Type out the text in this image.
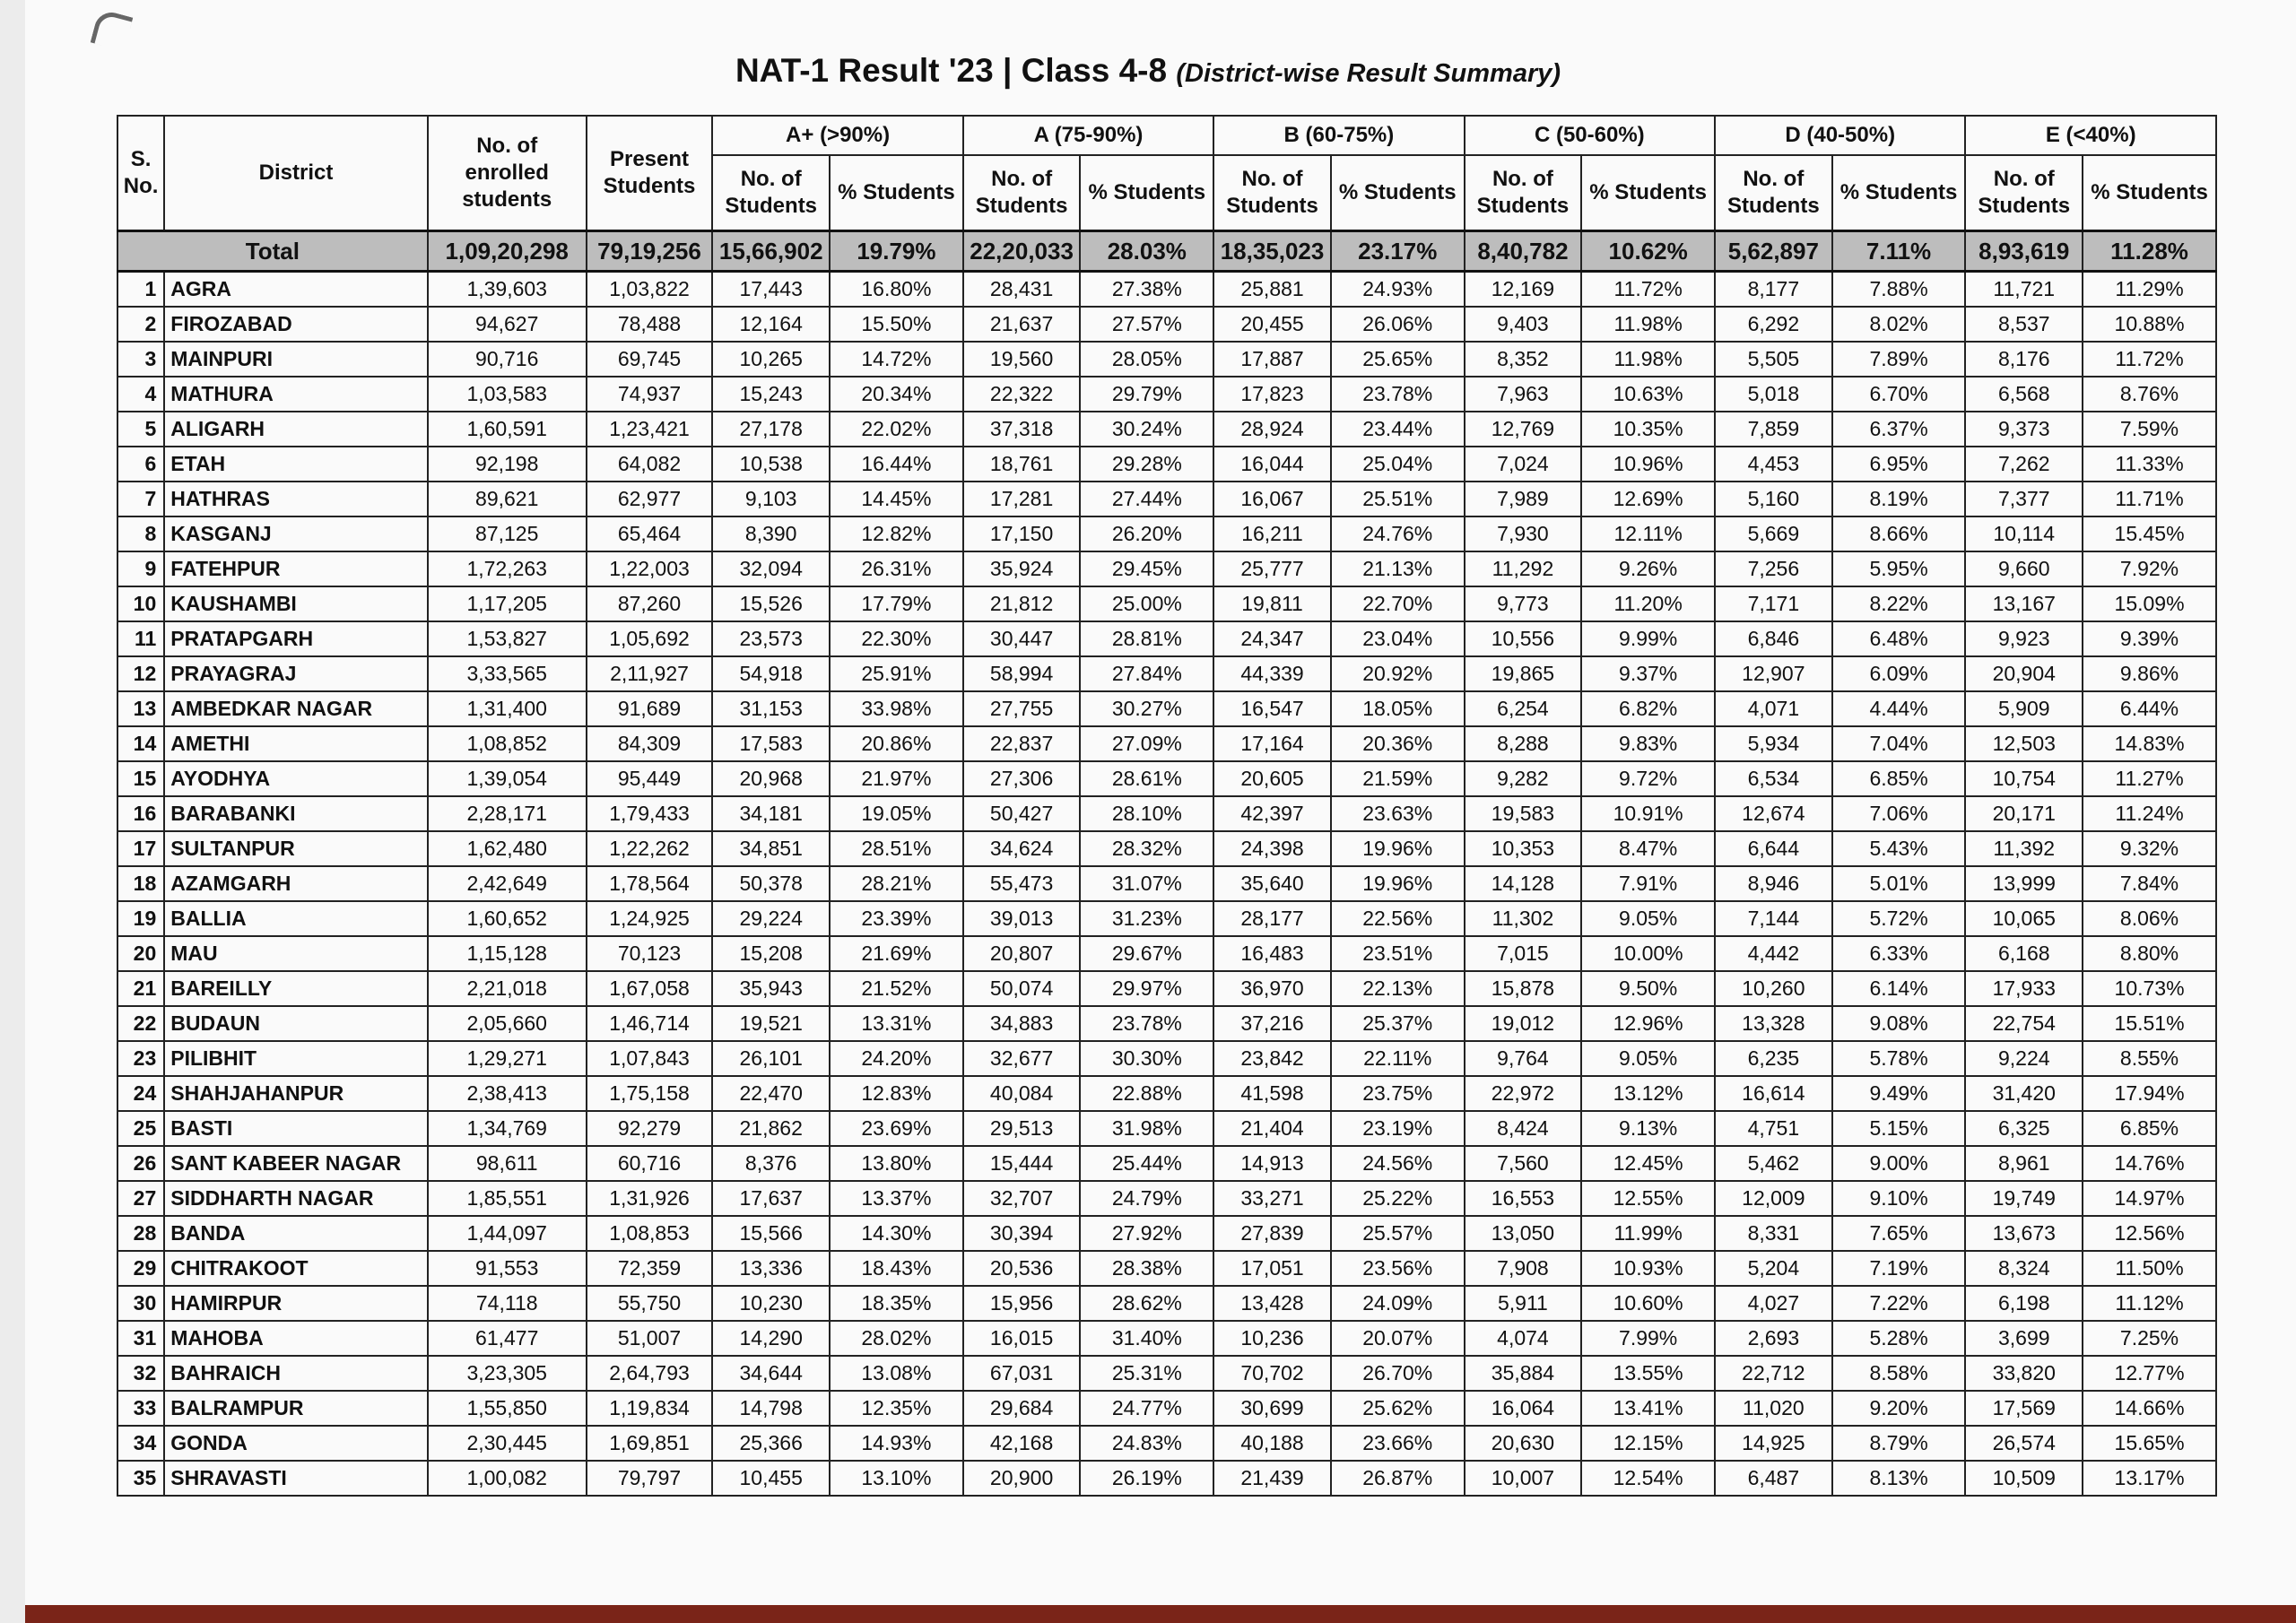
NAT-1 Result '23 | Class 4-8 (District-wise Result Summary)
S. No.	District	No. of enrolled students	Present Students	A+ (>90%)		A (75-90%)		B (60-75%)		C (50-60%)		D (40-50%)		E (<40%)	
				No. of Students	% Students	No. of Students	% Students	No. of Students	% Students	No. of Students	% Students	No. of Students	% Students	No. of Students	% Students
Total		1,09,20,298	79,19,256	15,66,902	19.79%	22,20,033	28.03%	18,35,023	23.17%	8,40,782	10.62%	5,62,897	7.11%	8,93,619	11.28%
1	AGRA	1,39,603	1,03,822	17,443	16.80%	28,431	27.38%	25,881	24.93%	12,169	11.72%	8,177	7.88%	11,721	11.29%
2	FIROZABAD	94,627	78,488	12,164	15.50%	21,637	27.57%	20,455	26.06%	9,403	11.98%	6,292	8.02%	8,537	10.88%
3	MAINPURI	90,716	69,745	10,265	14.72%	19,560	28.05%	17,887	25.65%	8,352	11.98%	5,505	7.89%	8,176	11.72%
4	MATHURA	1,03,583	74,937	15,243	20.34%	22,322	29.79%	17,823	23.78%	7,963	10.63%	5,018	6.70%	6,568	8.76%
5	ALIGARH	1,60,591	1,23,421	27,178	22.02%	37,318	30.24%	28,924	23.44%	12,769	10.35%	7,859	6.37%	9,373	7.59%
6	ETAH	92,198	64,082	10,538	16.44%	18,761	29.28%	16,044	25.04%	7,024	10.96%	4,453	6.95%	7,262	11.33%
7	HATHRAS	89,621	62,977	9,103	14.45%	17,281	27.44%	16,067	25.51%	7,989	12.69%	5,160	8.19%	7,377	11.71%
8	KASGANJ	87,125	65,464	8,390	12.82%	17,150	26.20%	16,211	24.76%	7,930	12.11%	5,669	8.66%	10,114	15.45%
9	FATEHPUR	1,72,263	1,22,003	32,094	26.31%	35,924	29.45%	25,777	21.13%	11,292	9.26%	7,256	5.95%	9,660	7.92%
10	KAUSHAMBI	1,17,205	87,260	15,526	17.79%	21,812	25.00%	19,811	22.70%	9,773	11.20%	7,171	8.22%	13,167	15.09%
11	PRATAPGARH	1,53,827	1,05,692	23,573	22.30%	30,447	28.81%	24,347	23.04%	10,556	9.99%	6,846	6.48%	9,923	9.39%
12	PRAYAGRAJ	3,33,565	2,11,927	54,918	25.91%	58,994	27.84%	44,339	20.92%	19,865	9.37%	12,907	6.09%	20,904	9.86%
13	AMBEDKAR NAGAR	1,31,400	91,689	31,153	33.98%	27,755	30.27%	16,547	18.05%	6,254	6.82%	4,071	4.44%	5,909	6.44%
14	AMETHI	1,08,852	84,309	17,583	20.86%	22,837	27.09%	17,164	20.36%	8,288	9.83%	5,934	7.04%	12,503	14.83%
15	AYODHYA	1,39,054	95,449	20,968	21.97%	27,306	28.61%	20,605	21.59%	9,282	9.72%	6,534	6.85%	10,754	11.27%
16	BARABANKI	2,28,171	1,79,433	34,181	19.05%	50,427	28.10%	42,397	23.63%	19,583	10.91%	12,674	7.06%	20,171	11.24%
17	SULTANPUR	1,62,480	1,22,262	34,851	28.51%	34,624	28.32%	24,398	19.96%	10,353	8.47%	6,644	5.43%	11,392	9.32%
18	AZAMGARH	2,42,649	1,78,564	50,378	28.21%	55,473	31.07%	35,640	19.96%	14,128	7.91%	8,946	5.01%	13,999	7.84%
19	BALLIA	1,60,652	1,24,925	29,224	23.39%	39,013	31.23%	28,177	22.56%	11,302	9.05%	7,144	5.72%	10,065	8.06%
20	MAU	1,15,128	70,123	15,208	21.69%	20,807	29.67%	16,483	23.51%	7,015	10.00%	4,442	6.33%	6,168	8.80%
21	BAREILLY	2,21,018	1,67,058	35,943	21.52%	50,074	29.97%	36,970	22.13%	15,878	9.50%	10,260	6.14%	17,933	10.73%
22	BUDAUN	2,05,660	1,46,714	19,521	13.31%	34,883	23.78%	37,216	25.37%	19,012	12.96%	13,328	9.08%	22,754	15.51%
23	PILIBHIT	1,29,271	1,07,843	26,101	24.20%	32,677	30.30%	23,842	22.11%	9,764	9.05%	6,235	5.78%	9,224	8.55%
24	SHAHJAHANPUR	2,38,413	1,75,158	22,470	12.83%	40,084	22.88%	41,598	23.75%	22,972	13.12%	16,614	9.49%	31,420	17.94%
25	BASTI	1,34,769	92,279	21,862	23.69%	29,513	31.98%	21,404	23.19%	8,424	9.13%	4,751	5.15%	6,325	6.85%
26	SANT KABEER NAGAR	98,611	60,716	8,376	13.80%	15,444	25.44%	14,913	24.56%	7,560	12.45%	5,462	9.00%	8,961	14.76%
27	SIDDHARTH NAGAR	1,85,551	1,31,926	17,637	13.37%	32,707	24.79%	33,271	25.22%	16,553	12.55%	12,009	9.10%	19,749	14.97%
28	BANDA	1,44,097	1,08,853	15,566	14.30%	30,394	27.92%	27,839	25.57%	13,050	11.99%	8,331	7.65%	13,673	12.56%
29	CHITRAKOOT	91,553	72,359	13,336	18.43%	20,536	28.38%	17,051	23.56%	7,908	10.93%	5,204	7.19%	8,324	11.50%
30	HAMIRPUR	74,118	55,750	10,230	18.35%	15,956	28.62%	13,428	24.09%	5,911	10.60%	4,027	7.22%	6,198	11.12%
31	MAHOBA	61,477	51,007	14,290	28.02%	16,015	31.40%	10,236	20.07%	4,074	7.99%	2,693	5.28%	3,699	7.25%
32	BAHRAICH	3,23,305	2,64,793	34,644	13.08%	67,031	25.31%	70,702	26.70%	35,884	13.55%	22,712	8.58%	33,820	12.77%
33	BALRAMPUR	1,55,850	1,19,834	14,798	12.35%	29,684	24.77%	30,699	25.62%	16,064	13.41%	11,020	9.20%	17,569	14.66%
34	GONDA	2,30,445	1,69,851	25,366	14.93%	42,168	24.83%	40,188	23.66%	20,630	12.15%	14,925	8.79%	26,574	15.65%
35	SHRAVASTI	1,00,082	79,797	10,455	13.10%	20,900	26.19%	21,439	26.87%	10,007	12.54%	6,487	8.13%	10,509	13.17%
